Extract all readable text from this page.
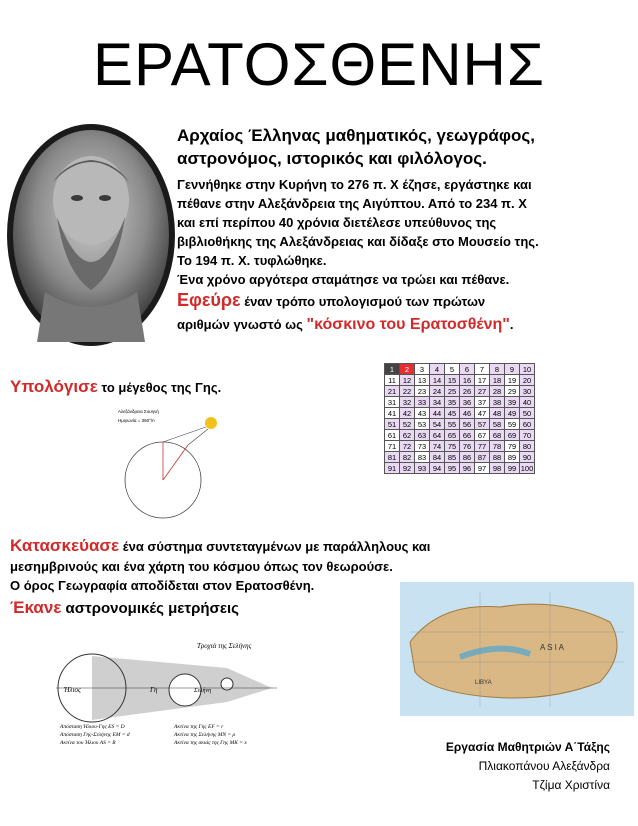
ΕΡΑΤΟΣΘΕΝΗΣ

Αρχαίος Έλληνας μαθηματικός, γεωγράφος,

αστρονόμος, ιστορικός και φιλόλογος.

Γεννήθηκε στην Κυρήνη το 276 π. Χ έζησε, εργάστηκε και

πέθανε στην Αλεξάνδρεια της Αιγύπτου. Από το 234 π. Χ

και επί περίπου 40 χρόνια διετέλεσε υπεύθυνος της

βιβλιοθήκης της Αλεξάνδρειας και δίδαξε στο Μουσείο της.

Το 194 π. Χ. τυφλώθηκε.

Ένα χρόνο αργότερα σταμάτησε να τρώει και πέθανε.

Εφεύρε έναν τρόπο υπολογισμού των πρώτων

αριθμών γνωστό ως "κόσκινο του Ερατοσθένη".

Υπολόγισε το μέγεθος της Γης.
Αλεξάνδρεια Σουηνή
Ημιγωνία = 360°/n
1	2	3	4	5	6	7	8	9	10
11	12	13	14	15	16	17	18	19	20
21	22	23	24	25	26	27	28	29	30
31	32	33	34	35	36	37	38	39	40
41	42	43	44	45	46	47	48	49	50
51	52	53	54	55	56	57	58	59	60
61	62	63	64	65	66	67	68	69	70
71	72	73	74	75	76	77	78	79	80
81	82	83	84	85	86	87	88	89	90
91	92	93	94	95	96	97	98	99	100
Κατασκεύασε ένα σύστημα συντεταγμένων με παράλληλους και
μεσημβρινούς και ένα χάρτη του κόσμου όπως τον θεωρούσε.
Ο όρος Γεωγραφία αποδίδεται στον Ερατοσθένη.
Έκανε αστρονομικές μετρήσεις
A S I A
LIBYA
Τροχιά της Σελήνης
Ήλιος	Γη	Σελήνη
Απόσταση Ήλιου-Γης ES = D
Απόσταση Γης-Σελήνης EM = d
Ακτίνα του Ήλιου AS = R
Ακτίνα της Γης EF = r
Ακτίνα της Σελήνης MN = ρ
Ακτίνα της σκιάς της Γης MK = x	Εργασία Μαθητριών Α΄Τάξης
Πλιακοπάνου Αλεξάνδρα
Τζίμα Χριστίνα
